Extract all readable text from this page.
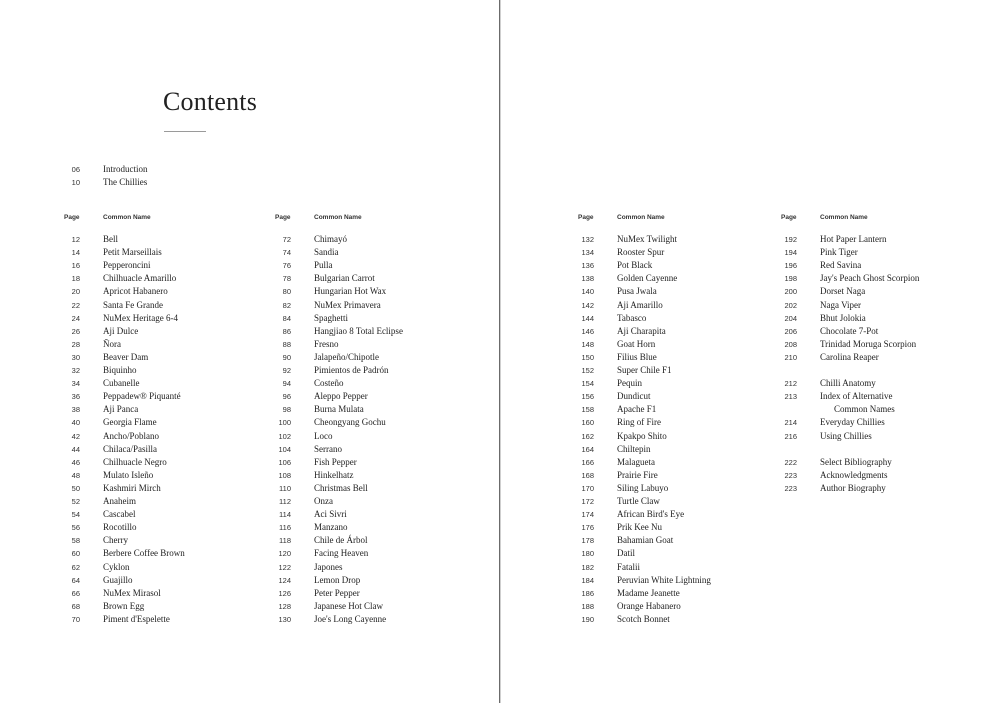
Contents
06	Introduction
10	The Chillies
Page	Common Name	Page	Common Name	Page	Common Name	Page	Common Name
12	Bell
14	Petit Marseillais
16	Pepperoncini
18	Chilhuacle Amarillo
20	Apricot Habanero
22	Santa Fe Grande
24	NuMex Heritage 6-4
26	Aji Dulce
28	Ñora
30	Beaver Dam
32	Biquinho
34	Cubanelle
36	Peppadew® Piquanté
38	Aji Panca
40	Georgia Flame
42	Ancho/Poblano
44	Chilaca/Pasilla
46	Chilhuacle Negro
48	Mulato Isleño
50	Kashmiri Mirch
52	Anaheim
54	Cascabel
56	Rocotillo
58	Cherry
60	Berbere Coffee Brown
62	Cyklon
64	Guajillo
66	NuMex Mirasol
68	Brown Egg
70	Piment d'Espelette
72	Chimayó
74	Sandia
76	Pulla
78	Bulgarian Carrot
80	Hungarian Hot Wax
82	NuMex Primavera
84	Spaghetti
86	Hangjiao 8 Total Eclipse
88	Fresno
90	Jalapeño/Chipotle
92	Pimientos de Padrón
94	Costeño
96	Aleppo Pepper
98	Burna Mulata
100	Cheongyang Gochu
102	Loco
104	Serrano
106	Fish Pepper
108	Hinkelhatz
110	Christmas Bell
112	Onza
114	Aci Sivri
116	Manzano
118	Chile de Árbol
120	Facing Heaven
122	Japones
124	Lemon Drop
126	Peter Pepper
128	Japanese Hot Claw
130	Joe's Long Cayenne
132	NuMex Twilight
134	Rooster Spur
136	Pot Black
138	Golden Cayenne
140	Pusa Jwala
142	Aji Amarillo
144	Tabasco
146	Aji Charapita
148	Goat Horn
150	Filius Blue
152	Super Chile F1
154	Pequin
156	Dundicut
158	Apache F1
160	Ring of Fire
162	Kpakpo Shito
164	Chiltepin
166	Malagueta
168	Prairie Fire
170	Siling Labuyo
172	Turtle Claw
174	African Bird's Eye
176	Prik Kee Nu
178	Bahamian Goat
180	Datil
182	Fatalii
184	Peruvian White Lightning
186	Madame Jeanette
188	Orange Habanero
190	Scotch Bonnet
192	Hot Paper Lantern
194	Pink Tiger
196	Red Savina
198	Jay's Peach Ghost Scorpion
200	Dorset Naga
202	Naga Viper
204	Bhut Jolokia
206	Chocolate 7-Pot
208	Trinidad Moruga Scorpion
210	Carolina Reaper
212	Chilli Anatomy
213	Index of Alternative
Common Names
214	Everyday Chillies
216	Using Chillies
222	Select Bibliography
223	Acknowledgments
223	Author Biography
